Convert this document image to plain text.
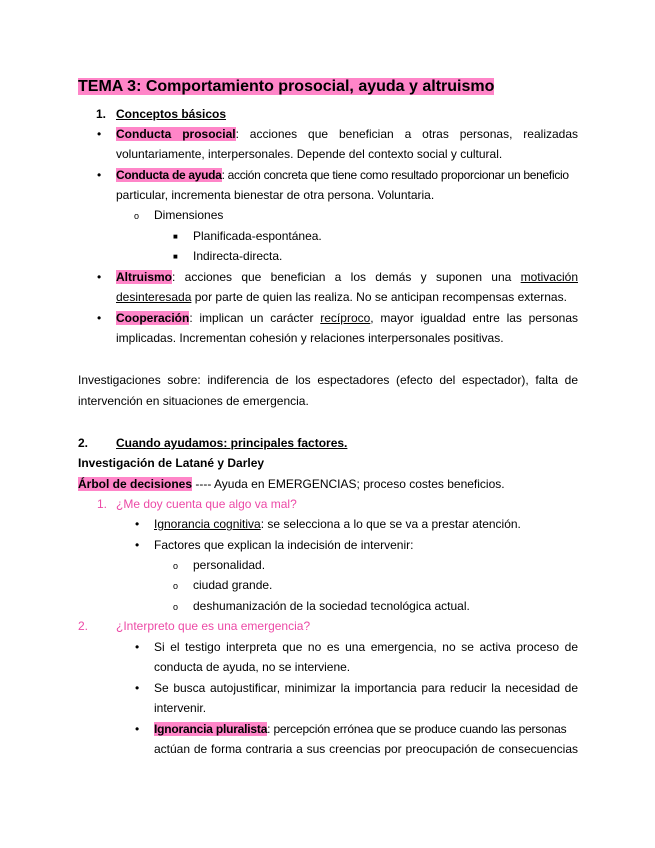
TEMA 3: Comportamiento prosocial, ayuda y altruismo
1. Conceptos básicos
• Conducta prosocial: acciones que benefician a otras personas, realizadas
voluntariamente, interpersonales. Depende del contexto social y cultural.
• Conducta de ayuda: acción concreta que tiene como resultado proporcionar un beneficio
particular, incrementa bienestar de otra persona. Voluntaria.
o Dimensiones
■ Planificada-espontánea.
■ Indirecta-directa.
• Altruismo: acciones que benefician a los demás y suponen una motivación
desinteresada por parte de quien las realiza. No se anticipan recompensas externas.
• Cooperación: implican un carácter recíproco, mayor igualdad entre las personas
implicadas. Incrementan cohesión y relaciones interpersonales positivas.
Investigaciones sobre: indiferencia de los espectadores (efecto del espectador), falta de
intervención en situaciones de emergencia.
2. Cuando ayudamos: principales factores.
Investigación de Latané y Darley
Árbol de decisiones ---- Ayuda en EMERGENCIAS; proceso costes beneficios.
1. ¿Me doy cuenta que algo va mal?
• Ignorancia cognitiva: se selecciona a lo que se va a prestar atención.
• Factores que explican la indecisión de intervenir:
o personalidad.
o ciudad grande.
o deshumanización de la sociedad tecnológica actual.
2. ¿Interpreto que es una emergencia?
• Si el testigo interpreta que no es una emergencia, no se activa proceso de
conducta de ayuda, no se interviene.
• Se busca autojustificar, minimizar la importancia para reducir la necesidad de
intervenir.
• Ignorancia pluralista: percepción errónea que se produce cuando las personas
actúan de forma contraria a sus creencias por preocupación de consecuencias
